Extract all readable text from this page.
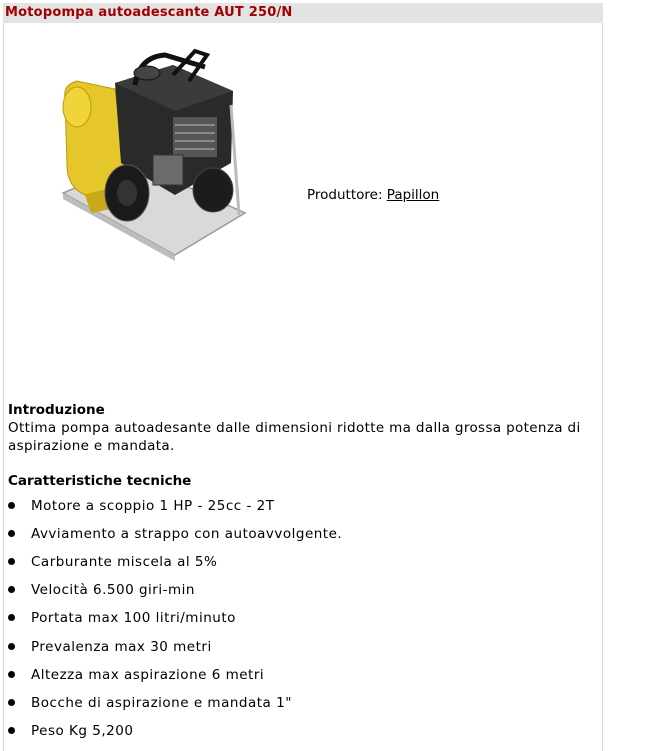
Motopompa autoadescante AUT 250/N
Produttore: Papillon
Introduzione
Ottima pompa autoadesante dalle dimensioni ridotte ma dalla grossa potenza di aspirazione e mandata.
Caratteristiche tecniche
Motore a scoppio 1 HP - 25cc - 2T
Avviamento a strappo con autoavvolgente.
Carburante miscela al 5%
Velocità 6.500 giri-min
Portata max 100 litri/minuto
Prevalenza max 30 metri
Altezza max aspirazione 6 metri
Bocche di aspirazione e mandata 1"
Peso Kg 5,200
